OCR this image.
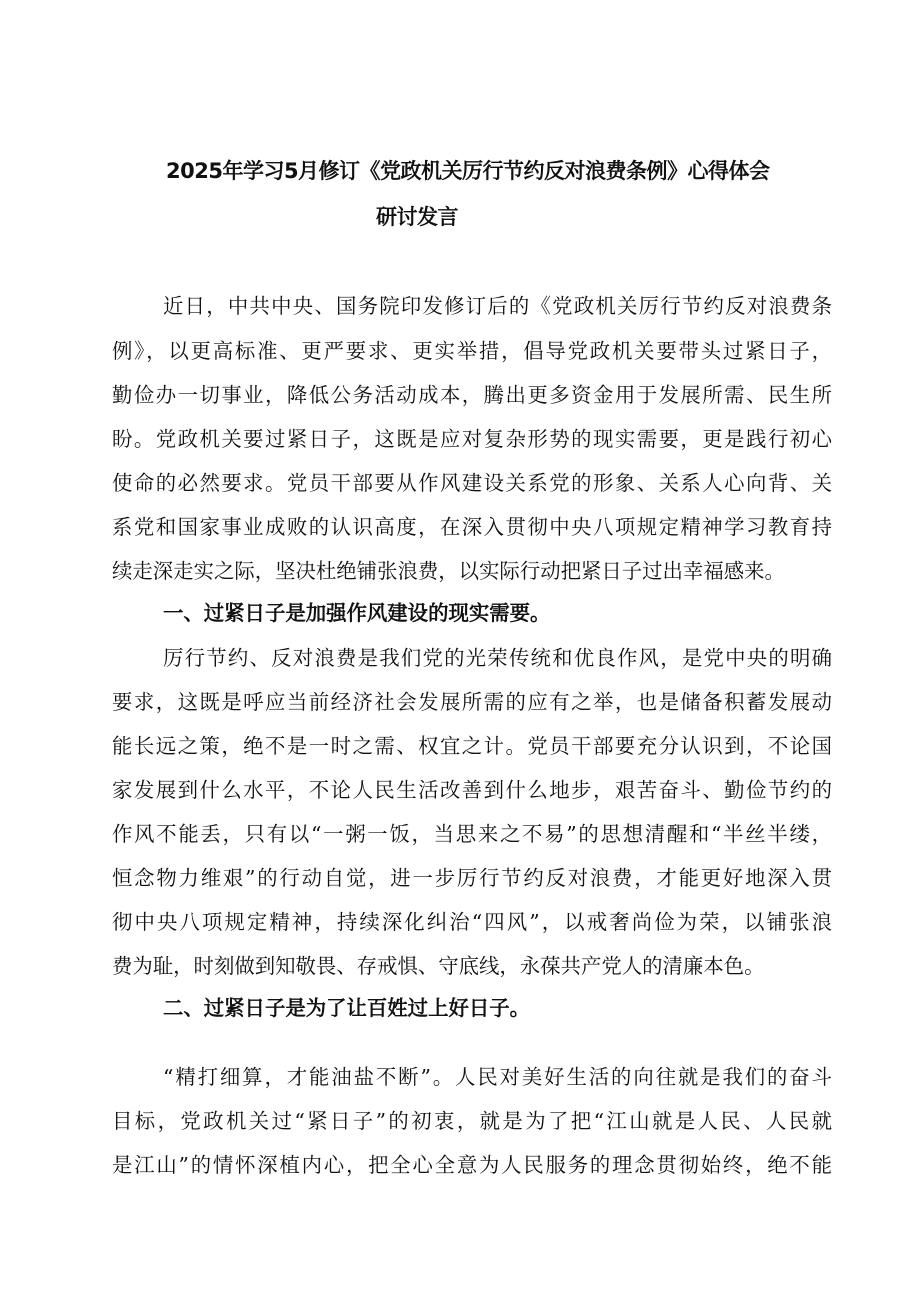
2025年学习5月修订《党政机关厉行节约反对浪费条例》心得体会
研讨发言
近日，中共中央、国务院印发修订后的《党政机关厉行节约反对浪费条
例》，以更高标准、更严要求、更实举措，倡导党政机关要带头过紧日子，
勤俭办一切事业，降低公务活动成本，腾出更多资金用于发展所需、民生所
盼。党政机关要过紧日子，这既是应对复杂形势的现实需要，更是践行初心
使命的必然要求。党员干部要从作风建设关系党的形象、关系人心向背、关
系党和国家事业成败的认识高度，在深入贯彻中央八项规定精神学习教育持
续走深走实之际，坚决杜绝铺张浪费，以实际行动把紧日子过出幸福感来。
一、过紧日子是加强作风建设的现实需要。
厉行节约、反对浪费是我们党的光荣传统和优良作风，是党中央的明确
要求，这既是呼应当前经济社会发展所需的应有之举，也是储备积蓄发展动
能长远之策，绝不是一时之需、权宜之计。党员干部要充分认识到，不论国
家发展到什么水平，不论人民生活改善到什么地步，艰苦奋斗、勤俭节约的
作风不能丢，只有以“一粥一饭，当思来之不易”的思想清醒和“半丝半缕，
恒念物力维艰”的行动自觉，进一步厉行节约反对浪费，才能更好地深入贯
彻中央八项规定精神，持续深化纠治“四风”，以戒奢尚俭为荣，以铺张浪
费为耻，时刻做到知敬畏、存戒惧、守底线，永葆共产党人的清廉本色。
二、过紧日子是为了让百姓过上好日子。
“精打细算，才能油盐不断”。人民对美好生活的向往就是我们的奋斗
目标，党政机关过“紧日子”的初衷，就是为了把“江山就是人民、人民就
是江山”的情怀深植内心，把全心全意为人民服务的理念贯彻始终，绝不能
